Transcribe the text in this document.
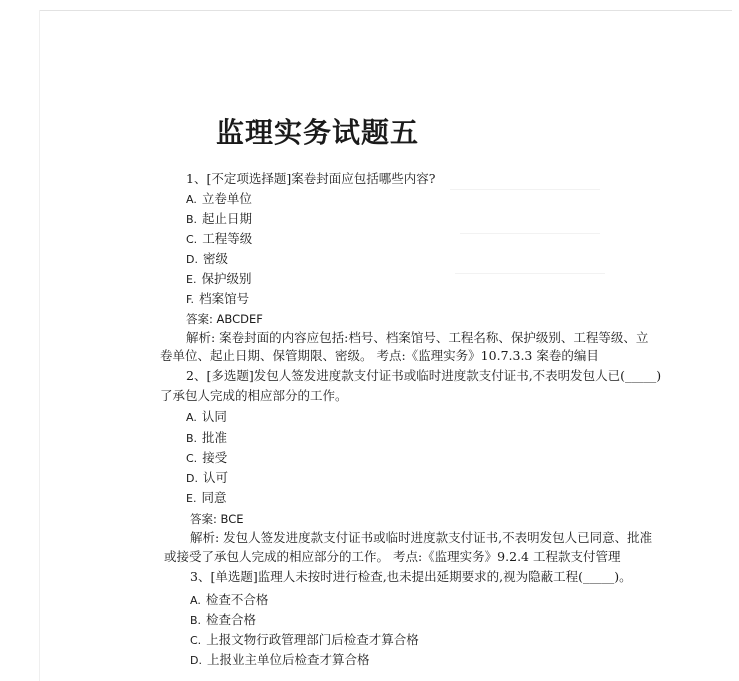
监理实务试题五
1、[不定项选择题]案卷封面应包括哪些内容?
A. 立卷单位
B. 起止日期
C. 工程等级
D. 密级
E. 保护级别
F. 档案馆号
答案: ABCDEF
解析: 案卷封面的内容应包括:档号、档案馆号、工程名称、保护级别、工程等级、立
卷单位、起止日期、保管期限、密级。 考点:《监理实务》10.7.3.3 案卷的编目
2、[多选题]发包人签发进度款支付证书或临时进度款支付证书,不表明发包人已(_____)
了承包人完成的相应部分的工作。
A. 认同
B. 批准
C. 接受
D. 认可
E. 同意
答案: BCE
解析: 发包人签发进度款支付证书或临时进度款支付证书,不表明发包人已同意、批准
或接受了承包人完成的相应部分的工作。 考点:《监理实务》9.2.4 工程款支付管理
3、[单选题]监理人未按时进行检查,也未提出延期要求的,视为隐蔽工程(_____)。
A. 检查不合格
B. 检查合格
C. 上报文物行政管理部门后检查才算合格
D. 上报业主单位后检查才算合格
